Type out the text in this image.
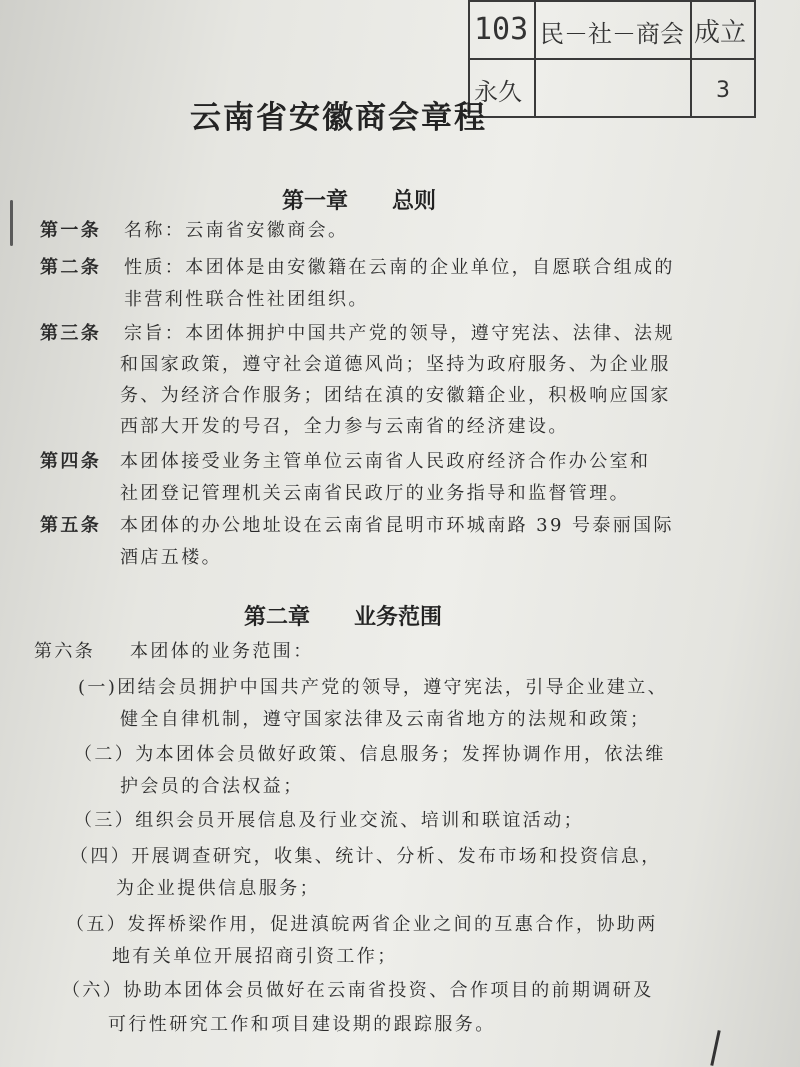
103 民－社－商会 成立
永久	3
云南省安徽商会章程
第一章 总则
第一条 名称：云南省安徽商会。
第二条 性质：本团体是由安徽籍在云南的企业单位，自愿联合组成的
非营利性联合性社团组织。
第三条 宗旨：本团体拥护中国共产党的领导，遵守宪法、法律、法规
和国家政策，遵守社会道德风尚；坚持为政府服务、为企业服
务、为经济合作服务；团结在滇的安徽籍企业，积极响应国家
西部大开发的号召，全力参与云南省的经济建设。
第四条 本团体接受业务主管单位云南省人民政府经济合作办公室和
社团登记管理机关云南省民政厅的业务指导和监督管理。
第五条 本团体的办公地址设在云南省昆明市环城南路 39 号泰丽国际
酒店五楼。
第二章 业务范围
第六条 本团体的业务范围：
(一)团结会员拥护中国共产党的领导，遵守宪法，引导企业建立、
健全自律机制，遵守国家法律及云南省地方的法规和政策；
（二）为本团体会员做好政策、信息服务；发挥协调作用，依法维
护会员的合法权益；
（三）组织会员开展信息及行业交流、培训和联谊活动；
（四）开展调查研究，收集、统计、分析、发布市场和投资信息，
为企业提供信息服务；
（五）发挥桥梁作用，促进滇皖两省企业之间的互惠合作，协助两
地有关单位开展招商引资工作；
（六）协助本团体会员做好在云南省投资、合作项目的前期调研及
可行性研究工作和项目建设期的跟踪服务。
